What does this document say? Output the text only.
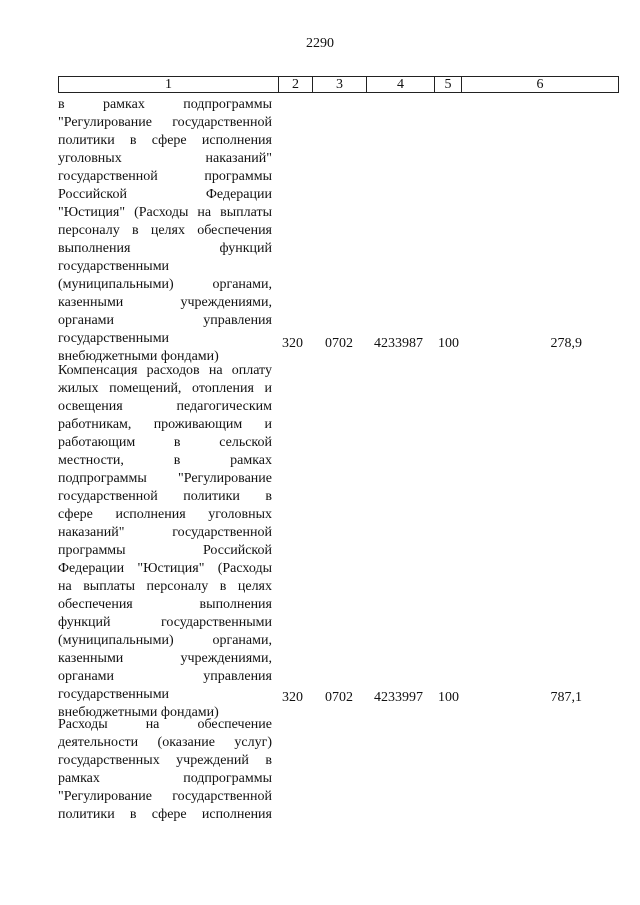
2290
1	2	3	4	5	6
в рамках подпрограммы
"Регулирование государственной
политики в сфере исполнения
уголовных наказаний"
государственной программы
Российской Федерации
"Юстиция" (Расходы на выплаты
персоналу в целях обеспечения
выполнения функций
государственными
(муниципальными) органами,
казенными учреждениями,
органами управления
государственными
внебюджетными фондами)
320 0702 4233987 100	278,9
Компенсация расходов на оплату
жилых помещений, отопления и
освещения педагогическим
работникам, проживающим и
работающим в сельской
местности, в рамках
подпрограммы "Регулирование
государственной политики в
сфере исполнения уголовных
наказаний" государственной
программы Российской
Федерации "Юстиция" (Расходы
на выплаты персоналу в целях
обеспечения выполнения
функций государственными
(муниципальными) органами,
казенными учреждениями,
органами управления
государственными
внебюджетными фондами)
320 0702 4233997 100	787,1
Расходы на обеспечение
деятельности (оказание услуг)
государственных учреждений в
рамках подпрограммы
"Регулирование государственной
политики в сфере исполнения
